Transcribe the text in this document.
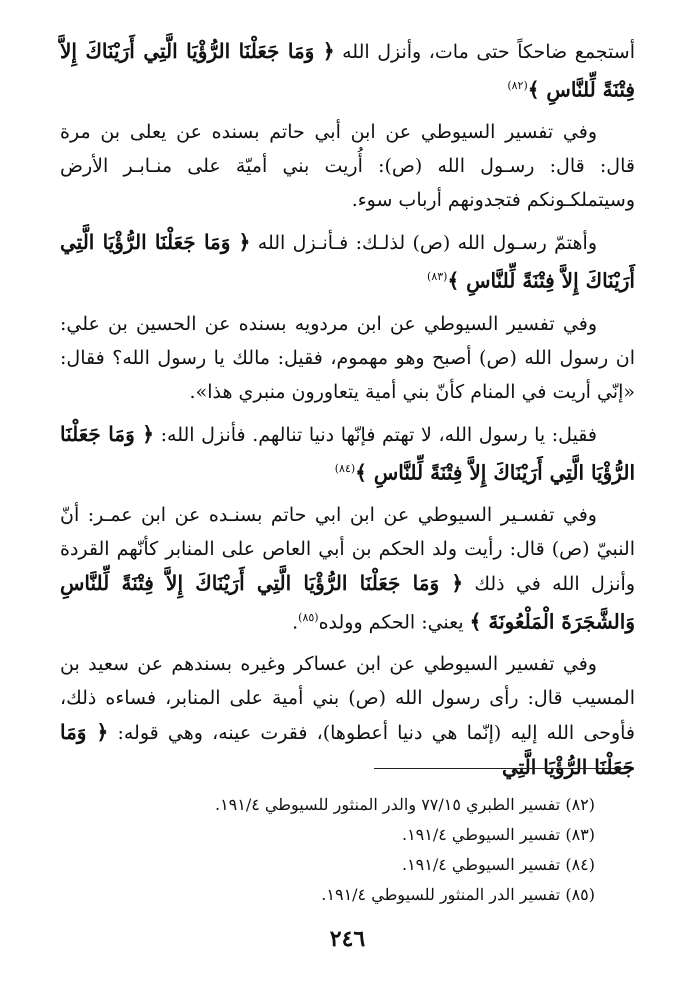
أستجمع ضاحكاً حتى مات، وأنزل الله ﴿ وَمَا جَعَلْنَا الرُّؤْيَا الَّتِي أَرَيْنَاكَ إِلاَّ فِتْنَةً لِّلنَّاسِ ﴾$^{(٨٢)}$

وفي تفسير السيوطي عن ابن أبي حاتم بسنده عن يعلى بن مرة قال: قال: رسـول الله (ص): أُريت بني أميّة على منـابـر الأرض وسيتملكـونكم فتجدونهم أرباب سوء.

وأهتمّ رسـول الله (ص) لذلـك: فـأنـزل الله ﴿ وَمَا جَعَلْنَا الرُّؤْيَا الَّتِي أَرَيْنَاكَ إِلاَّ فِتْنَةً لِّلنَّاسِ ﴾$^{(٨٣)}$

وفي تفسير السيوطي عن ابن مردويه بسنده عن الحسين بن علي: ان رسول الله (ص) أصبح وهو مهموم، فقيل: مالك يا رسول الله؟ فقال: «إنّي أريت في المنام كأنّ بني أمية يتعاورون منبري هذا».

فقيل: يا رسول الله، لا تهتم فإنّها دنيا تنالهم. فأنزل الله: ﴿ وَمَا جَعَلْنَا الرُّؤْيَا الَّتِي أَرَيْنَاكَ إِلاَّ فِتْنَةً لِّلنَّاسِ ﴾$^{(٨٤)}$

وفي تفسـير السيوطي عن ابن ابي حاتم بسنـده عن ابن عمـر: أنّ النبيّ (ص) قال: رأيت ولد الحكم بن أبي العاص على المنابر كأنّهم القردة وأنزل الله في ذلك ﴿ وَمَا جَعَلْنَا الرُّؤْيَا الَّتِي أَرَيْنَاكَ إِلاَّ فِتْنَةً لِّلنَّاسِ وَالشَّجَرَةَ الْمَلْعُونَةَ ﴾ يعني: الحكم وولده$^{(٨٥)}$.

وفي تفسير السيوطي عن ابن عساكر وغيره بسندهم عن سعيد بن المسيب قال: رأى رسول الله (ص) بني أمية على المنابر، فساءه ذلك، فأوحى الله إليه (إنّما هي دنيا أعطوها)، فقرت عينه، وهي قوله: ﴿ وَمَا جَعَلْنَا الرُّؤْيَا الَّتِي

(٨٢) تفسير الطبري ٧٧/١٥ والدر المنثور للسيوطي ١٩١/٤.

(٨٣) تفسير السيوطي ١٩١/٤.

(٨٤) تفسير السيوطي ١٩١/٤.

(٨٥) تفسير الدر المنثور للسيوطي ١٩١/٤.

٢٤٦
